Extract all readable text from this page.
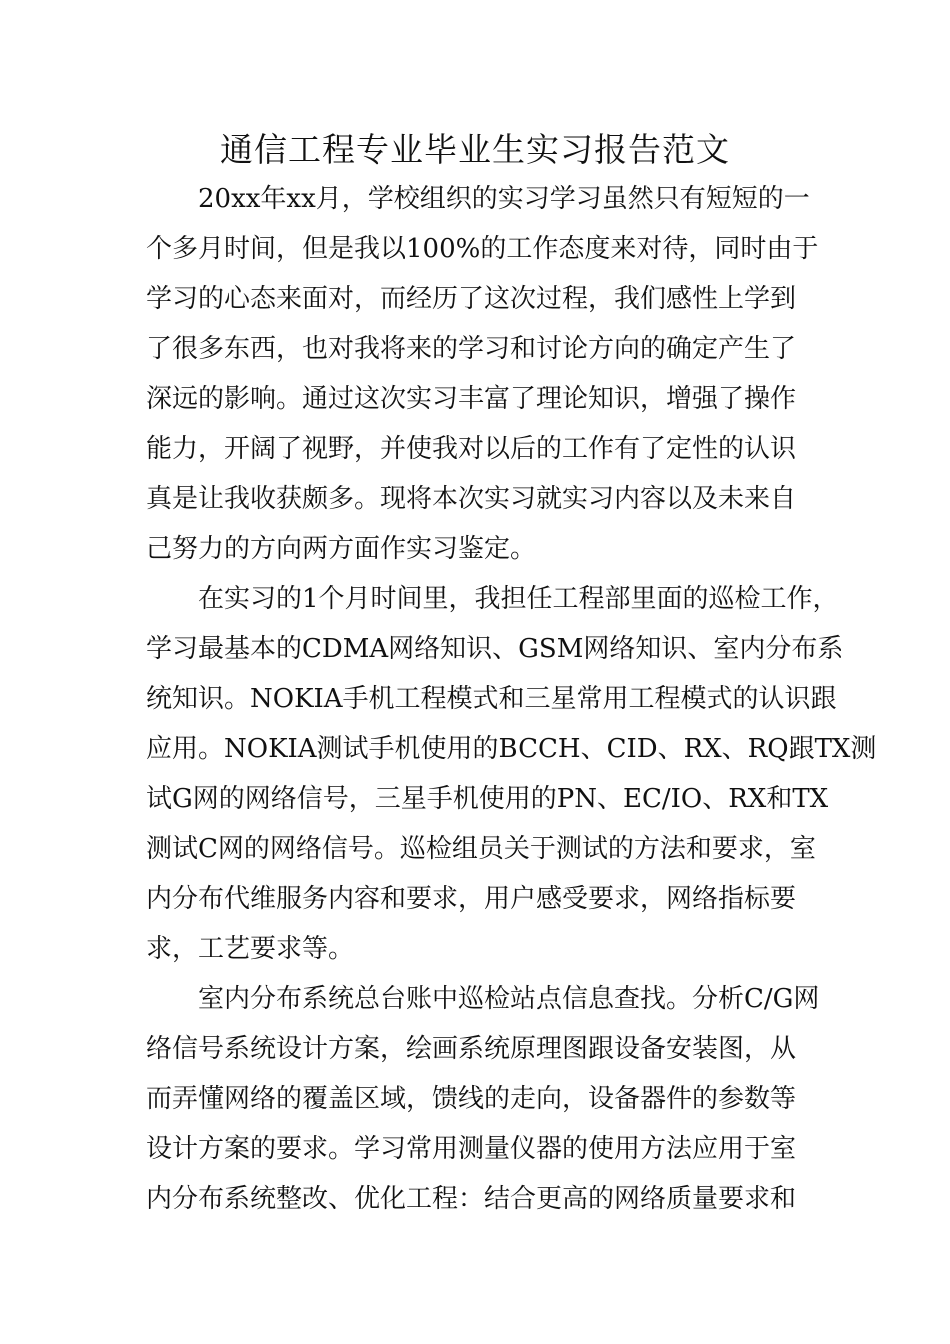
通信工程专业毕业生实习报告范文
20xx年xx月，学校组织的实习学习虽然只有短短的一
个多月时间，但是我以100%的工作态度来对待，同时由于
学习的心态来面对，而经历了这次过程，我们感性上学到
了很多东西，也对我将来的学习和讨论方向的确定产生了
深远的影响。通过这次实习丰富了理论知识，增强了操作
能力，开阔了视野，并使我对以后的工作有了定性的认识
真是让我收获颇多。现将本次实习就实习内容以及未来自
己努力的方向两方面作实习鉴定。
在实习的1个月时间里，我担任工程部里面的巡检工作，
学习最基本的CDMA网络知识、GSM网络知识、室内分布系
统知识。NOKIA手机工程模式和三星常用工程模式的认识跟
应用。NOKIA测试手机使用的BCCH、CID、RX、RQ跟TX测
试G网的网络信号，三星手机使用的PN、EC/IO、RX和TX
测试C网的网络信号。巡检组员关于测试的方法和要求，室
内分布代维服务内容和要求，用户感受要求，网络指标要
求，工艺要求等。
室内分布系统总台账中巡检站点信息查找。分析C/G网
络信号系统设计方案，绘画系统原理图跟设备安装图，从
而弄懂网络的覆盖区域，馈线的走向，设备器件的参数等
设计方案的要求。学习常用测量仪器的使用方法应用于室
内分布系统整改、优化工程：结合更高的网络质量要求和
